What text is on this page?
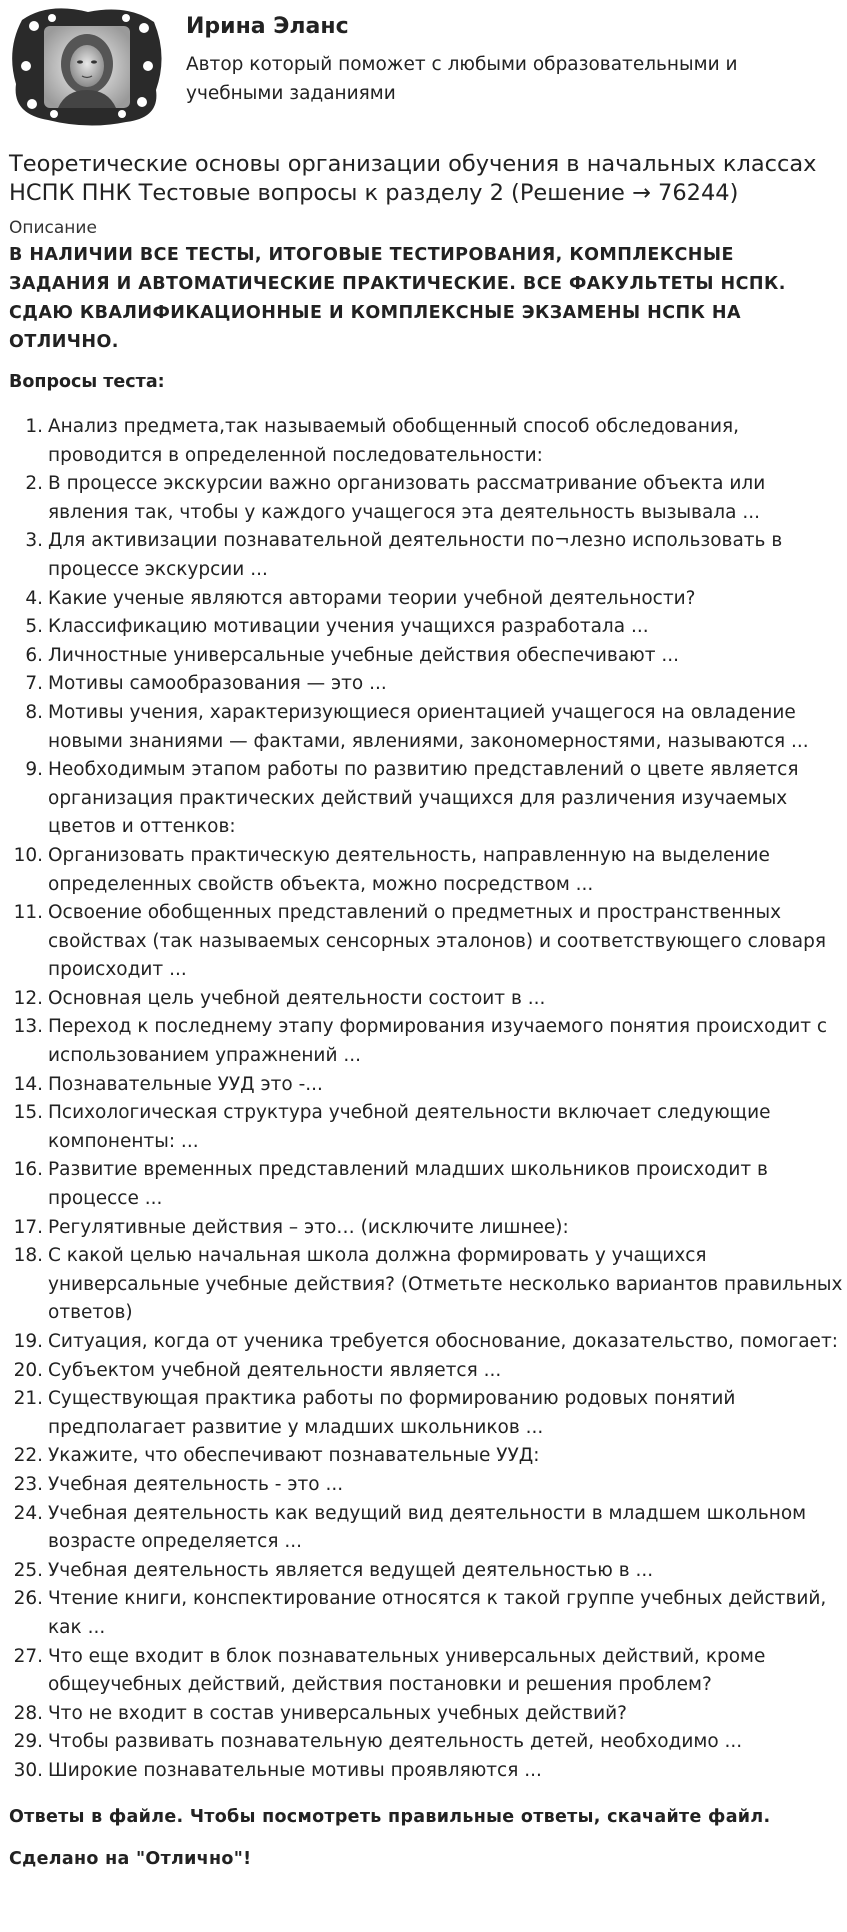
Ирина Эланс
Автор который поможет с любыми образовательными и учебными заданиями
Теоретические основы организации обучения в начальных классах НСПК ПНК Тестовые вопросы к разделу 2 (Решение → 76244)
Описание
В НАЛИЧИИ ВСЕ ТЕСТЫ, ИТОГОВЫЕ ТЕСТИРОВАНИЯ, КОМПЛЕКСНЫЕ ЗАДАНИЯ И АВТОМАТИЧЕСКИЕ ПРАКТИЧЕСКИЕ. ВСЕ ФАКУЛЬТЕТЫ НСПК. СДАЮ КВАЛИФИКАЦИОННЫЕ И КОМПЛЕКСНЫЕ ЭКЗАМЕНЫ НСПК НА ОТЛИЧНО.
Вопросы теста:
1. Анализ предмета,так называемый обобщенный способ обследования, проводится в определенной последовательности:
2. В процессе экскурсии важно организовать рассматривание объекта или явления так, чтобы у каждого учащегося эта деятельность вызывала ...
3. Для активизации познавательной деятельности по¬лезно использовать в процессе экскурсии ...
4. Какие ученые являются авторами теории учебной деятельности?
5. Классификацию мотивации учения учащихся разработала ...
6. Личностные универсальные учебные действия обеспечивают ...
7. Мотивы самообразования — это ...
8. Мотивы учения, характеризующиеся ориентацией учащегося на овладение новыми знаниями — фактами, явлениями, закономерностями, называются ...
9. Необходимым этапом работы по развитию представлений о цвете является организация практических действий учащихся для различения изучаемых цветов и оттенков:
10. Организовать практическую деятельность, направленную на выделение определенных свойств объекта, можно посредством ...
11. Освоение обобщенных представлений о предметных и пространственных свойствах (так называемых сенсорных эталонов) и соответствующего словаря происходит ...
12. Основная цель учебной деятельности состоит в ...
13. Переход к последнему этапу формирования изучаемого понятия происходит с использованием упражнений ...
14. Познавательные УУД это -...
15. Психологическая структура учебной деятельности включает следующие компоненты: ...
16. Развитие временных представлений младших школьников происходит в процессе ...
17. Регулятивные действия – это… (исключите лишнее):
18. С какой целью начальная школа должна формировать у учащихся универсальные учебные действия? (Отметьте несколько вариантов правильных ответов)
19. Ситуация, когда от ученика требуется обоснование, доказательство, помогает:
20. Субъектом учебной деятельности является ...
21. Существующая практика работы по формированию родовых понятий предполагает развитие у младших школьников ...
22. Укажите, что обеспечивают познавательные УУД:
23. Учебная деятельность - это ...
24. Учебная деятельность как ведущий вид деятельности в младшем школьном возрасте определяется ...
25. Учебная деятельность является ведущей деятельностью в ...
26. Чтение книги, конспектирование относятся к такой группе учебных действий, как ...
27. Что еще входит в блок познавательных универсальных действий, кроме общеучебных действий, действия постановки и решения проблем?
28. Что не входит в состав универсальных учебных действий?
29. Чтобы развивать познавательную деятельность детей, необходимо ...
30. Широкие познавательные мотивы проявляются ...
Ответы в файле. Чтобы посмотреть правильные ответы, скачайте файл.
Сделано на "Отлично"!
